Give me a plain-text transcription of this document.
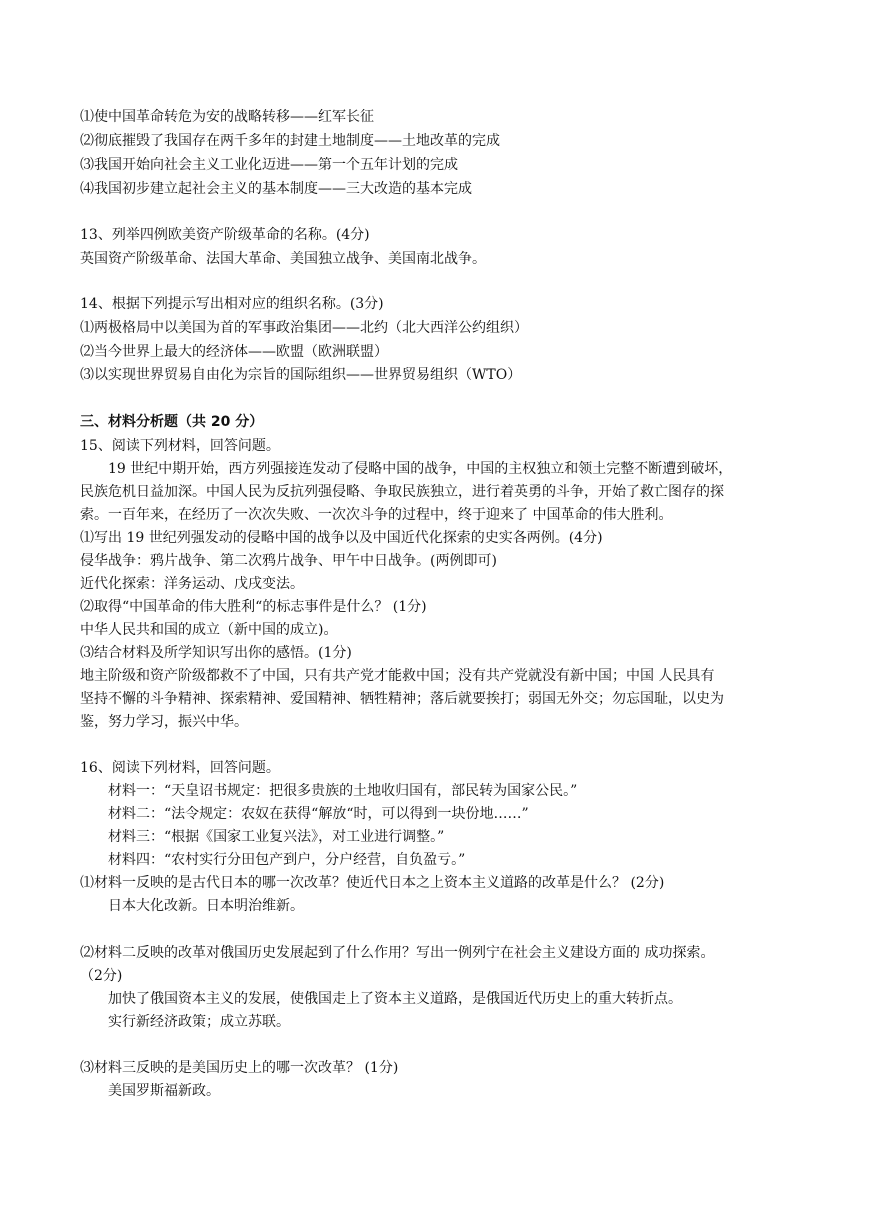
⑴使中国革命转危为安的战略转移——红军长征
⑵彻底摧毁了我国存在两千多年的封建土地制度——土地改革的完成
⑶我国开始向社会主义工业化迈进——第一个五年计划的完成
⑷我国初步建立起社会主义的基本制度——三大改造的基本完成
13、列举四例欧美资产阶级革命的名称。(4分)
英国资产阶级革命、法国大革命、美国独立战争、美国南北战争。
14、根据下列提示写出相对应的组织名称。(3分)
⑴两极格局中以美国为首的军事政治集团——北约（北大西洋公约组织）
⑵当今世界上最大的经济体——欧盟（欧洲联盟）
⑶以实现世界贸易自由化为宗旨的国际组织——世界贸易组织（WTO）
三、材料分析题（共 20 分）
15、阅读下列材料，回答问题。
19 世纪中期开始，西方列强接连发动了侵略中国的战争，中国的主权独立和领土完整不断遭到破坏，
民族危机日益加深。中国人民为反抗列强侵略、争取民族独立，进行着英勇的斗争，开始了救亡图存的探
索。一百年来，在经历了一次次失败、一次次斗争的过程中，终于迎来了 中国革命的伟大胜利。
⑴写出 19 世纪列强发动的侵略中国的战争以及中国近代化探索的史实各两例。(4分)
侵华战争：鸦片战争、第二次鸦片战争、甲午中日战争。(两例即可)
近代化探索：洋务运动、戊戌变法。
⑵取得“中国革命的伟大胜利“的标志事件是什么？ (1分)
中华人民共和国的成立（新中国的成立)。
⑶结合材料及所学知识写出你的感悟。(1分)
地主阶级和资产阶级都救不了中国，只有共产党才能救中国；没有共产党就没有新中国；中国 人民具有
坚持不懈的斗争精神、探索精神、爱国精神、牺牲精神；落后就要挨打；弱国无外交；勿忘国耻，以史为
鉴，努力学习，振兴中华。
16、阅读下列材料，回答问题。
材料一：“天皇诏书规定：把很多贵族的土地收归国有，部民转为国家公民。”
材料二：“法令规定：农奴在获得“解放“时，可以得到一块份地……”
材料三：“根据《国家工业复兴法》，对工业进行调整。”
材料四：“农村实行分田包产到户，分户经营，自负盈亏。”
⑴材料一反映的是古代日本的哪一次改革？使近代日本之上资本主义道路的改革是什么？ (2分)
日本大化改新。日本明治维新。
⑵材料二反映的改革对俄国历史发展起到了什么作用？写出一例列宁在社会主义建设方面的 成功探索。
（2分)
加快了俄国资本主义的发展，使俄国走上了资本主义道路，是俄国近代历史上的重大转折点。
实行新经济政策；成立苏联。
⑶材料三反映的是美国历史上的哪一次改革？ (1分)
美国罗斯福新政。
